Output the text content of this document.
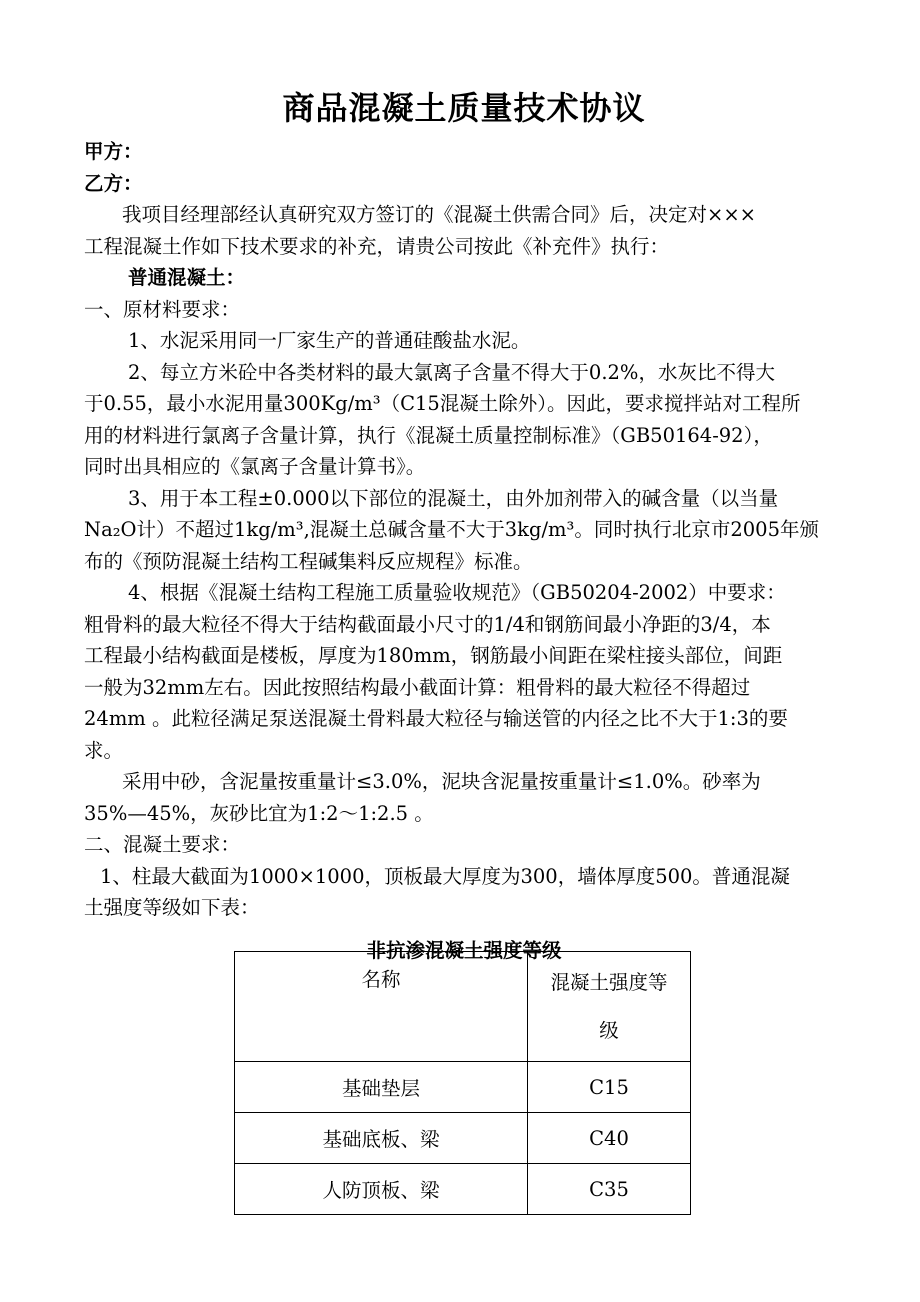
商品混凝土质量技术协议
甲方：
乙方：
我项目经理部经认真研究双方签订的《混凝土供需合同》后，决定对×××
工程混凝土作如下技术要求的补充，请贵公司按此《补充件》执行：
普通混凝土：
一、原材料要求：
1、水泥采用同一厂家生产的普通硅酸盐水泥。
2、每立方米砼中各类材料的最大氯离子含量不得大于0.2%，水灰比不得大
于0.55，最小水泥用量300Kg/m³（C15混凝土除外）。因此，要求搅拌站对工程所
用的材料进行氯离子含量计算，执行《混凝土质量控制标准》（GB50164-92），
同时出具相应的《氯离子含量计算书》。
3、用于本工程±0.000以下部位的混凝土，由外加剂带入的碱含量（以当量
Na₂O计）不超过1kg/m³,混凝土总碱含量不大于3kg/m³。同时执行北京市2005年颁
布的《预防混凝土结构工程碱集料反应规程》标准。
4、根据《混凝土结构工程施工质量验收规范》（GB50204-2002）中要求：
粗骨料的最大粒径不得大于结构截面最小尺寸的1/4和钢筋间最小净距的3/4，本
工程最小结构截面是楼板，厚度为180mm，钢筋最小间距在梁柱接头部位，间距
一般为32mm左右。因此按照结构最小截面计算：粗骨料的最大粒径不得超过
24mm 。此粒径满足泵送混凝土骨料最大粒径与输送管的内径之比不大于1:3的要
求。
采用中砂，含泥量按重量计≤3.0%，泥块含泥量按重量计≤1.0%。砂率为
35%—45%，灰砂比宜为1:2～1:2.5 。
二、混凝土要求：
1、柱最大截面为1000×1000，顶板最大厚度为300，墙体厚度500。普通混凝
土强度等级如下表：
非抗渗混凝土强度等级
名称	混凝土强度等
级

基础垫层	C15
基础底板、梁	C40
人防顶板、梁	C35
